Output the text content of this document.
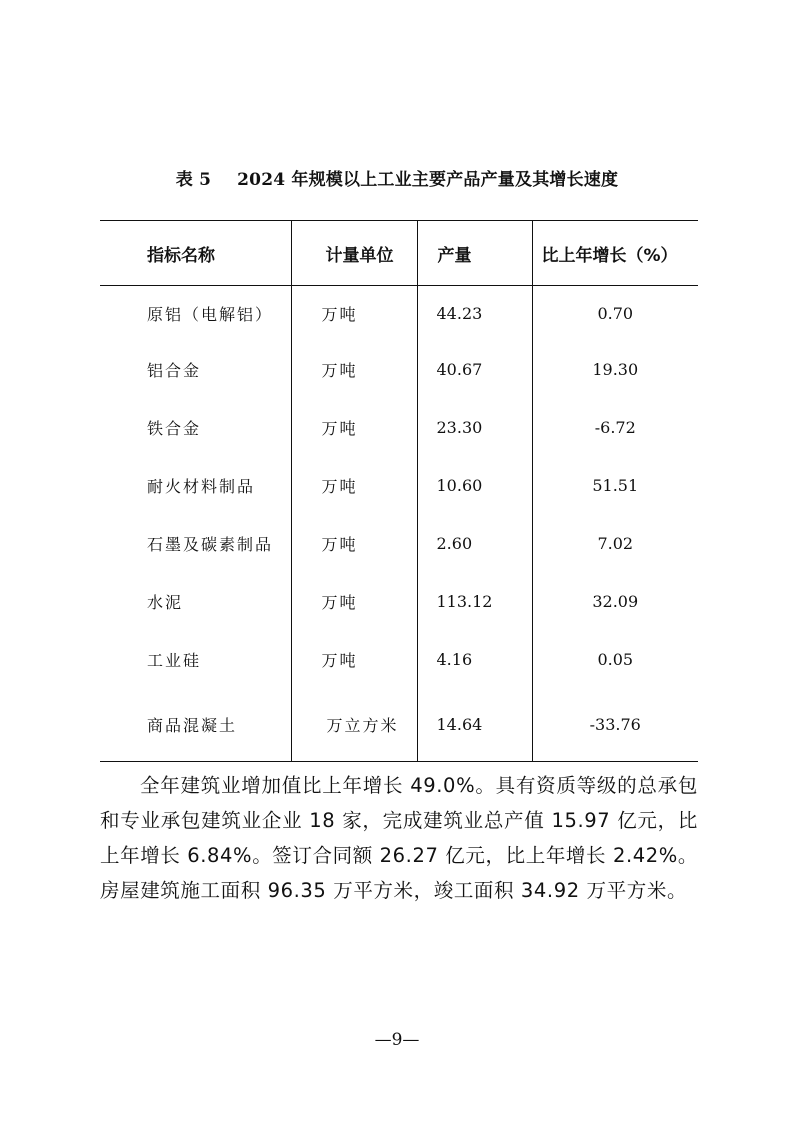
表 5 2024 年规模以上工业主要产品产量及其增长速度
指标名称	计量单位	产量	比上年增长（%）
原铝（电解铝）	万吨	44.23	0.70
铝合金	万吨	40.67	19.30
铁合金	万吨	23.30	-6.72
耐火材料制品	万吨	10.60	51.51
石墨及碳素制品	万吨	2.60	7.02
水泥	万吨	113.12	32.09
工业硅	万吨	4.16	0.05
商品混凝土	万立方米	14.64	-33.76

全年建筑业增加值比上年增长 49.0%。具有资质等级的总承包和专业承包建筑业企业 18 家，完成建筑业总产值 15.97 亿元，比上年增长 6.84%。签订合同额 26.27 亿元，比上年增长 2.42%。房屋建筑施工面积 96.35 万平方米，竣工面积 34.92 万平方米。

—9—
